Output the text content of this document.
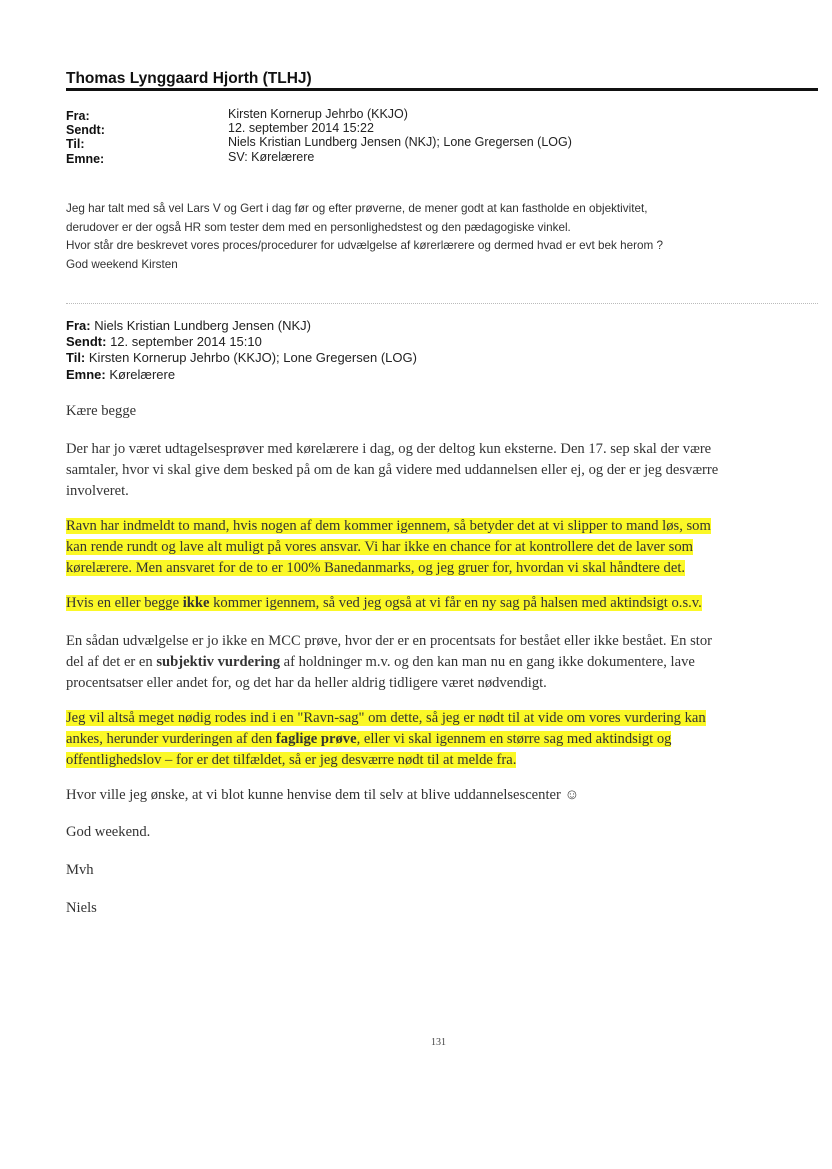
Thomas Lynggaard Hjorth (TLHJ)
Fra:	Kirsten Kornerup Jehrbo (KKJO)
Sendt:	12. september 2014 15:22
Til:	Niels Kristian Lundberg Jensen (NKJ); Lone Gregersen (LOG)
Emne:	SV: Kørelærere
Jeg har talt med så vel Lars V og Gert i dag før og efter prøverne, de mener godt at kan fastholde en objektivitet,
derudover er der også HR som tester dem med en personlighedstest og den pædagogiske vinkel.
Hvor står dre beskrevet vores proces/procedurer for udvælgelse af kørerlærere og dermed hvad er evt bek herom ?
God weekend Kirsten
Fra: Niels Kristian Lundberg Jensen (NKJ)
Sendt: 12. september 2014 15:10
Til: Kirsten Kornerup Jehrbo (KKJO); Lone Gregersen (LOG)
Emne: Kørelærere
Kære begge
Der har jo været udtagelsesprøver med kørelærere i dag, og der deltog kun eksterne. Den 17. sep skal der være
samtaler, hvor vi skal give dem besked på om de kan gå videre med uddannelsen eller ej, og der er jeg desværre
involveret.
Ravn har indmeldt to mand, hvis nogen af dem kommer igennem, så betyder det at vi slipper to mand løs, som
kan rende rundt og lave alt muligt på vores ansvar. Vi har ikke en chance for at kontrollere det de laver som
kørelærere. Men ansvaret for de to er 100% Banedanmarks, og jeg gruer for, hvordan vi skal håndtere det.
Hvis en eller begge ikke kommer igennem, så ved jeg også at vi får en ny sag på halsen med aktindsigt o.s.v.
En sådan udvælgelse er jo ikke en MCC prøve, hvor der er en procentsats for bestået eller ikke bestået. En stor
del af det er en subjektiv vurdering af holdninger m.v. og den kan man nu en gang ikke dokumentere, lave
procentsatser eller andet for, og det har da heller aldrig tidligere været nødvendigt.
Jeg vil altså meget nødig rodes ind i en "Ravn-sag" om dette, så jeg er nødt til at vide om vores vurdering kan
ankes, herunder vurderingen af den faglige prøve, eller vi skal igennem en større sag med aktindsigt og
offentlighedslov – for er det tilfældet, så er jeg desværre nødt til at melde fra.
Hvor ville jeg ønske, at vi blot kunne henvise dem til selv at blive uddannelsescenter ☺
God weekend.
Mvh
Niels
131
